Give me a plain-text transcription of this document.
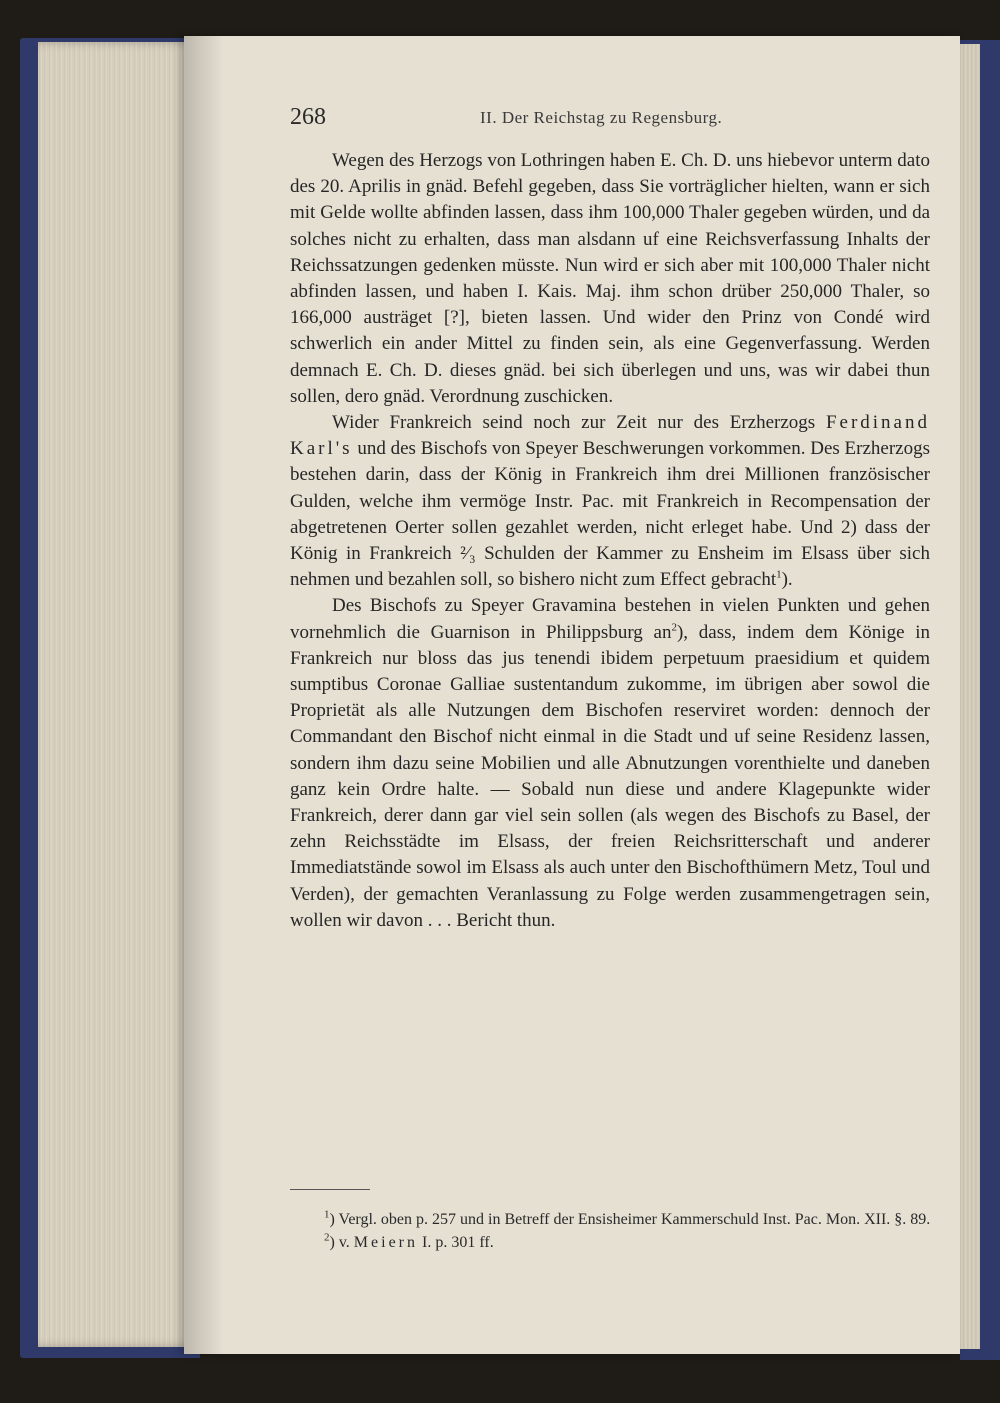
268	II. Der Reichstag zu Regensburg.

Wegen des Herzogs von Lothringen haben E. Ch. D. uns hiebevor unterm dato des 20. Aprilis in gnäd. Befehl gegeben, dass Sie vorträglicher hielten, wann er sich mit Gelde wollte abfinden lassen, dass ihm 100,000 Thaler gegeben würden, und da solches nicht zu erhalten, dass man alsdann uf eine Reichsverfassung Inhalts der Reichssatzungen gedenken müsste. Nun wird er sich aber mit 100,000 Thaler nicht abfinden lassen, und haben I. Kais. Maj. ihm schon drüber 250,000 Thaler, so 166,000 austräget [?], bieten lassen. Und wider den Prinz von Condé wird schwerlich ein ander Mittel zu finden sein, als eine Gegenverfassung. Werden demnach E. Ch. D. dieses gnäd. bei sich überlegen und uns, was wir dabei thun sollen, dero gnäd. Verordnung zuschicken.

Wider Frankreich seind noch zur Zeit nur des Erzherzogs Ferdinand Karl's und des Bischofs von Speyer Beschwerungen vorkommen. Des Erzherzogs bestehen darin, dass der König in Frankreich ihm drei Millionen französischer Gulden, welche ihm vermöge Instr. Pac. mit Frankreich in Recompensation der abgetretenen Oerter sollen gezahlet werden, nicht erleget habe. Und 2) dass der König in Frankreich ²⁄₃ Schulden der Kammer zu Ensheim im Elsass über sich nehmen und bezahlen soll, so bishero nicht zum Effect gebracht$^1$).

Des Bischofs zu Speyer Gravamina bestehen in vielen Punkten und gehen vornehmlich die Guarnison in Philippsburg $an^2$), dass, indem dem Könige in Frankreich nur bloss das jus tenendi ibidem perpetuum praesidium et quidem sumptibus Coronae Galliae sustentandum zukomme, im übrigen aber sowol die Proprietät als alle Nutzungen dem Bischofen reserviret worden: dennoch der Commandant den Bischof nicht einmal in die Stadt und uf seine Residenz lassen, sondern ihm dazu seine Mobilien und alle Abnutzungen vorenthielte und daneben ganz kein Ordre halte. — Sobald nun diese und andere Klagepunkte wider Frankreich, derer dann gar viel sein sollen (als wegen des Bischofs zu Basel, der zehn Reichsstädte im Elsass, der freien Reichsritterschaft und anderer Immediatstände sowol im Elsass als auch unter den Bischofthümern Metz, Toul und Verden), der gemachten Veranlassung zu Folge werden zusammengetragen sein, wollen wir davon . . . Bericht thun.

$^1$) Vergl. oben p. 257 und in Betreff der Ensisheimer Kammerschuld Inst. Pac. Mon. XII. §. 89.

$^2$) v. Meiern I. p. 301 ff.
